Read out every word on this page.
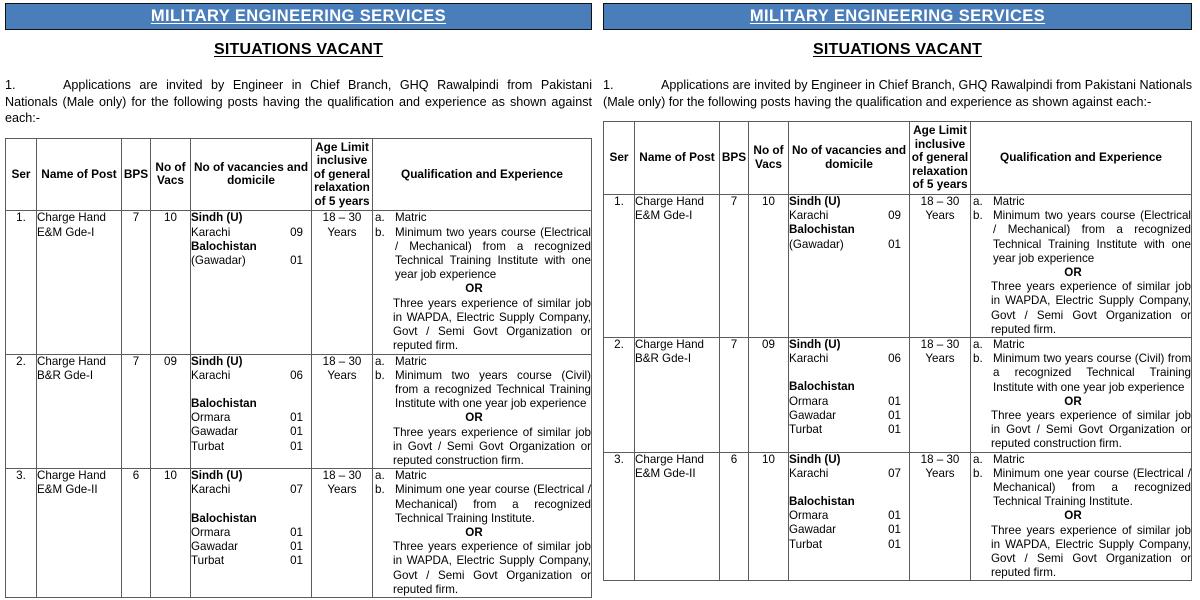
MILITARY ENGINEERING SERVICES
SITUATIONS VACANT
1.	Applications are invited by Engineer in Chief Branch, GHQ Rawalpindi from Pakistani Nationals (Male only) for the following posts having the qualification and experience as shown against each:-
Ser	Name of Post	BPS	No of Vacs	No of vacancies and domicile	Age Limit inclusive of general relaxation of 5 years	Qualification and Experience
1.	Charge Hand E&M Gde-I	7	10	Sindh (U)
Karachi	09
Balochistan
(Gawadar)	01
	18 – 30 Years	
a. Matric
b. Minimum two years course (Electrical / Mechanical) from a recognized Technical Training Institute with one year job experience
OR
Three years experience of similar job in WAPDA, Electric Supply Company, Govt / Semi Govt Organization or reputed firm.

2.	Charge Hand B&R Gde-I	7	09	Sindh (U)
Karachi	06
Balochistan
Ormara	01
Gawadar	01
Turbat	01
	18 – 30 Years	
a. Matric
b. Minimum two years course (Civil) from a recognized Technical Training Institute with one year job experience
OR
Three years experience of similar job in Govt / Semi Govt Organization or reputed construction firm.

3.	Charge Hand E&M Gde-II	6	10	Sindh (U)
Karachi	07
Balochistan
Ormara	01
Gawadar	01
Turbat	01
	18 – 30 Years	
a. Matric
b. Minimum one year course (Electrical / Mechanical) from a recognized Technical Training Institute.
OR
Three years experience of similar job in WAPDA, Electric Supply Company, Govt / Semi Govt Organization or reputed firm.
MILITARY ENGINEERING SERVICES
SITUATIONS VACANT
1.	Applications are invited by Engineer in Chief Branch, GHQ Rawalpindi from Pakistani Nationals (Male only) for the following posts having the qualification and experience as shown against each:-
Ser	Name of Post	BPS	No of Vacs	No of vacancies and domicile	Age Limit inclusive of general relaxation of 5 years	Qualification and Experience
1.	Charge Hand E&M Gde-I	7	10	Sindh (U)
Karachi	09
Balochistan
(Gawadar)	01
	18 – 30 Years	
a. Matric
b. Minimum two years course (Electrical / Mechanical) from a recognized Technical Training Institute with one year job experience
OR
Three years experience of similar job in WAPDA, Electric Supply Company, Govt / Semi Govt Organization or reputed firm.

2.	Charge Hand B&R Gde-I	7	09	Sindh (U)
Karachi	06
Balochistan
Ormara	01
Gawadar	01
Turbat	01
	18 – 30 Years	
a. Matric
b. Minimum two years course (Civil) from a recognized Technical Training Institute with one year job experience
OR
Three years experience of similar job in Govt / Semi Govt Organization or reputed construction firm.

3.	Charge Hand E&M Gde-II	6	10	Sindh (U)
Karachi	07
Balochistan
Ormara	01
Gawadar	01
Turbat	01
	18 – 30 Years	
a. Matric
b. Minimum one year course (Electrical / Mechanical) from a recognized Technical Training Institute.
OR
Three years experience of similar job in WAPDA, Electric Supply Company, Govt / Semi Govt Organization or reputed firm.
